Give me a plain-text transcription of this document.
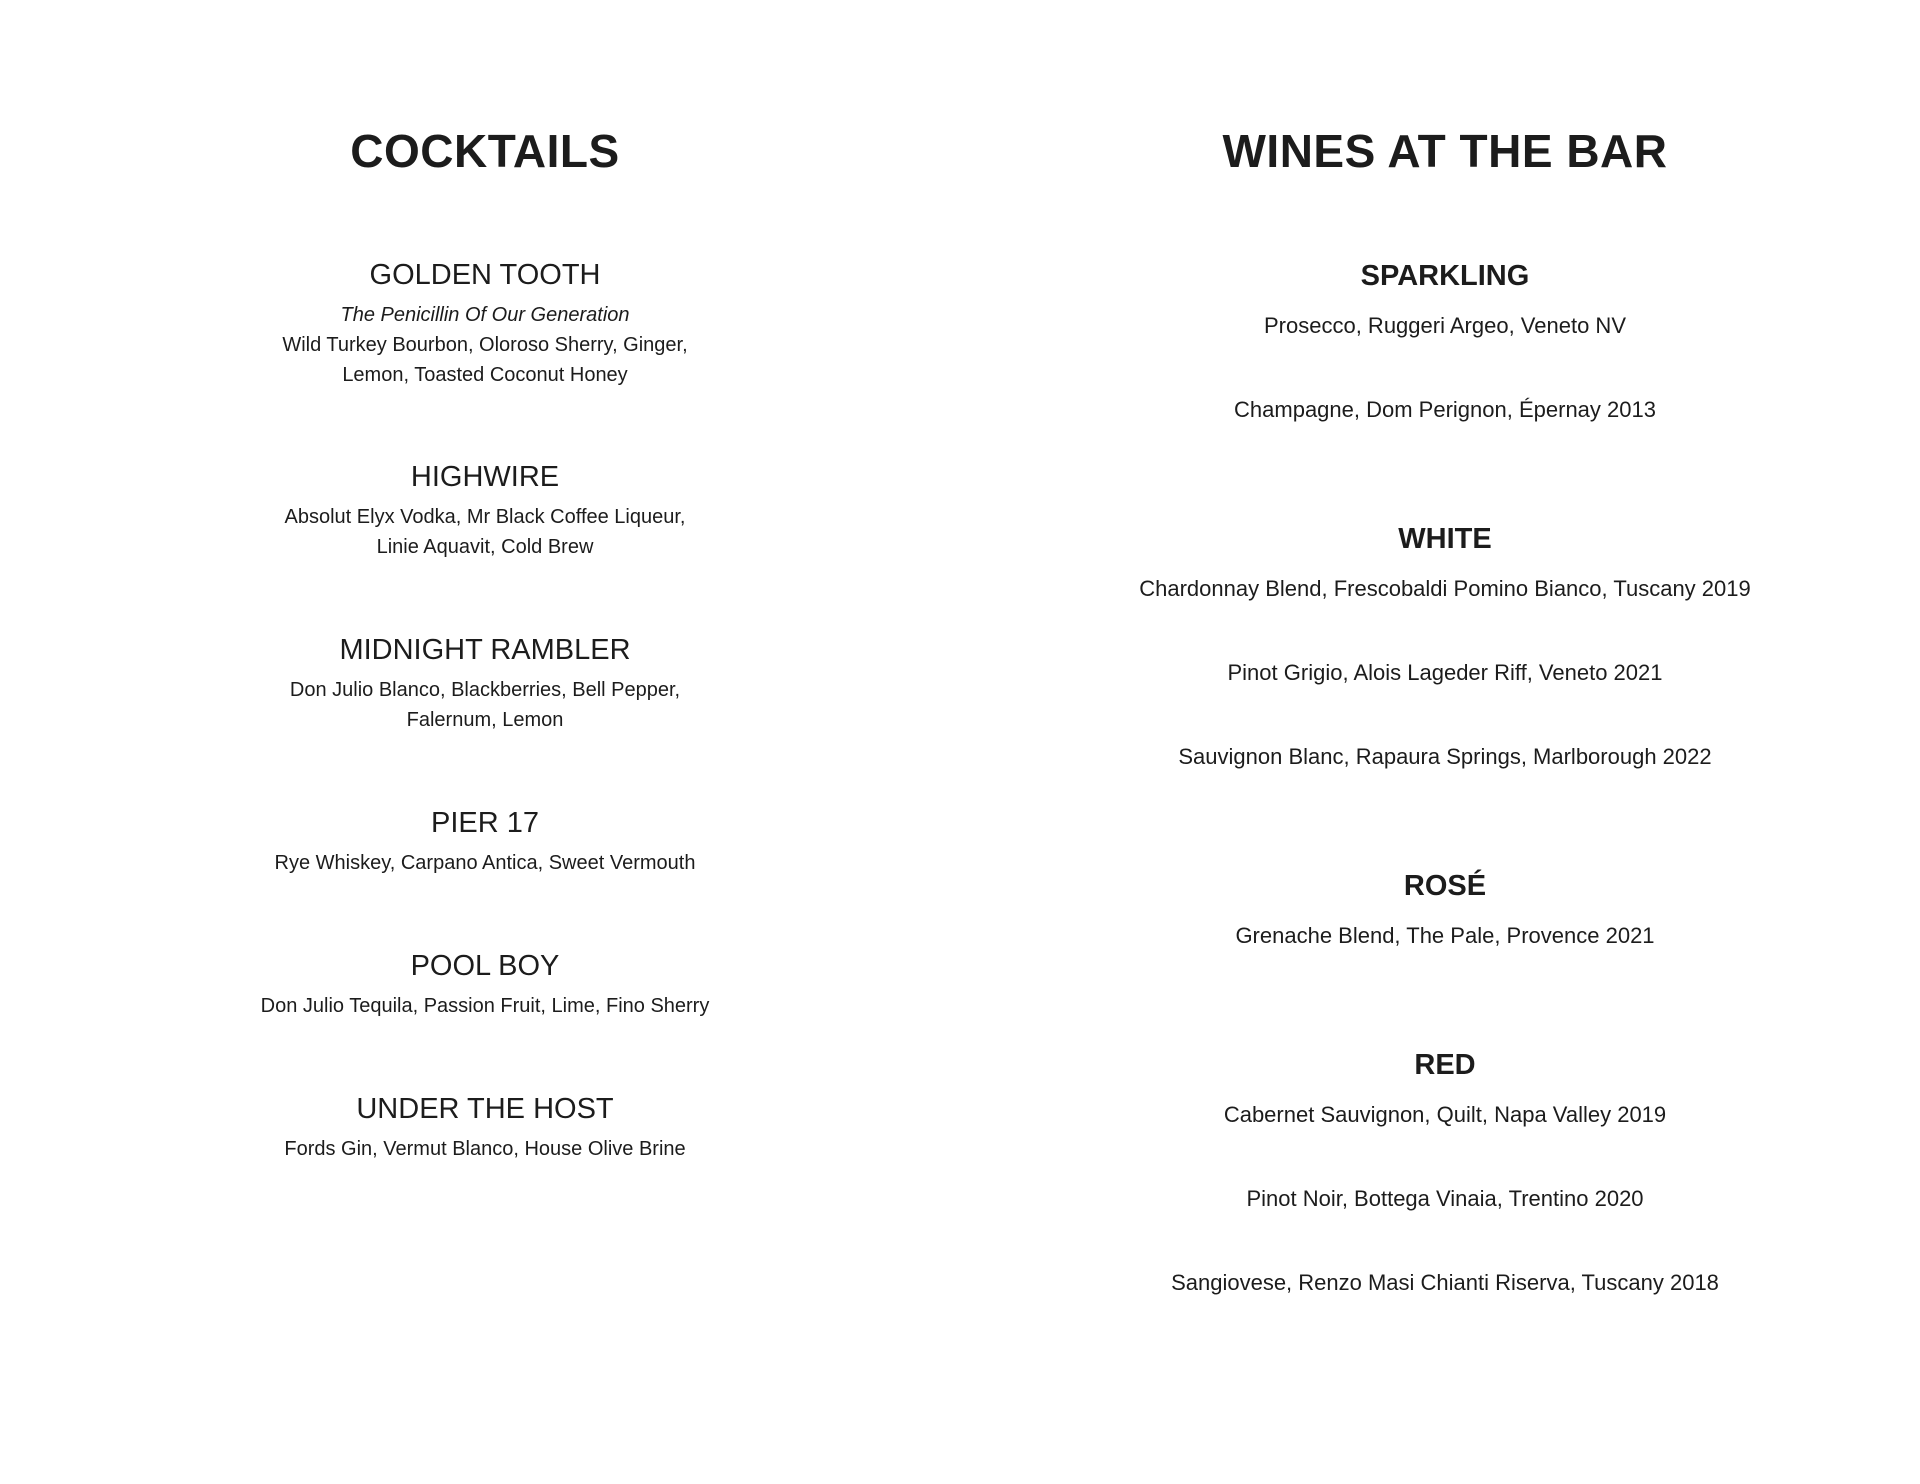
COCKTAILS
GOLDEN TOOTH
The Penicillin Of Our Generation
Wild Turkey Bourbon, Oloroso Sherry, Ginger,
Lemon, Toasted Coconut Honey
HIGHWIRE
Absolut Elyx Vodka, Mr Black Coffee Liqueur,
Linie Aquavit, Cold Brew
MIDNIGHT RAMBLER
Don Julio Blanco, Blackberries, Bell Pepper,
Falernum, Lemon
PIER 17
Rye Whiskey, Carpano Antica, Sweet Vermouth
POOL BOY
Don Julio Tequila, Passion Fruit, Lime, Fino Sherry
UNDER THE HOST
Fords Gin, Vermut Blanco, House Olive Brine
WINES AT THE BAR
SPARKLING
Prosecco, Ruggeri Argeo, Veneto NV
Champagne, Dom Perignon, Épernay 2013
WHITE
Chardonnay Blend, Frescobaldi Pomino Bianco, Tuscany 2019
Pinot Grigio, Alois Lageder Riff, Veneto 2021
Sauvignon Blanc, Rapaura Springs, Marlborough 2022
ROSÉ
Grenache Blend, The Pale, Provence 2021
RED
Cabernet Sauvignon, Quilt, Napa Valley 2019
Pinot Noir, Bottega Vinaia, Trentino 2020
Sangiovese, Renzo Masi Chianti Riserva, Tuscany 2018
